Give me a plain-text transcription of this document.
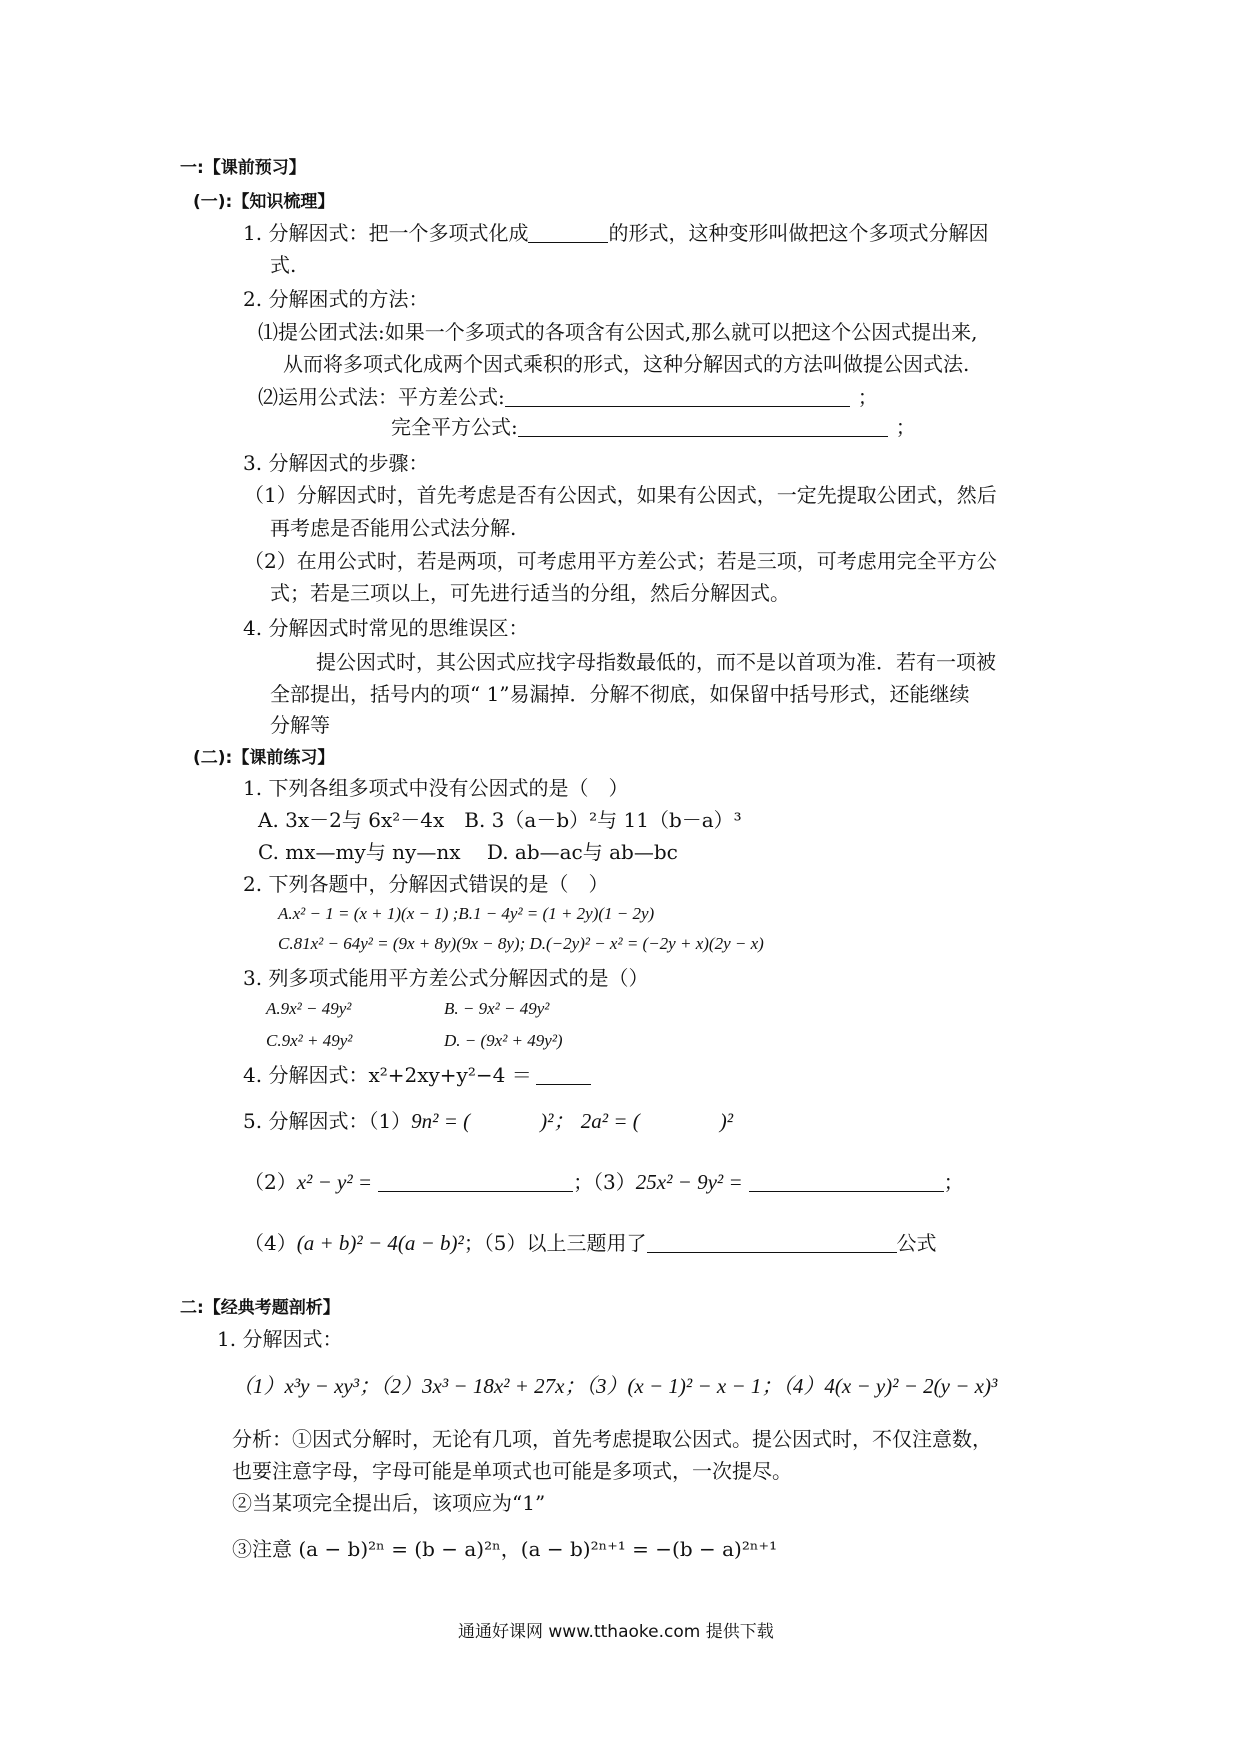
一:【课前预习】
(一):【知识梳理】
1. 分解因式：把一个多项式化成	的形式，这种变形叫做把这个多项式分解因
式.
2. 分解困式的方法：
⑴提公团式法:如果一个多项式的各项含有公因式,那么就可以把这个公因式提出来,
从而将多项式化成两个因式乘积的形式，这种分解因式的方法叫做提公因式法.
⑵运用公式法：平方差公式:	；
完全平方公式:	；
3. 分解因式的步骤：
（1）分解因式时，首先考虑是否有公因式，如果有公因式，一定先提取公团式，然后
再考虑是否能用公式法分解.
（2）在用公式时，若是两项，可考虑用平方差公式；若是三项，可考虑用完全平方公
式；若是三项以上，可先进行适当的分组，然后分解因式。
4. 分解因式时常见的思维误区：
提公因式时，其公因式应找字母指数最低的，而不是以首项为准．若有一项被
全部提出，括号内的项“ 1”易漏掉．分解不彻底，如保留中括号形式，还能继续
分解等
(二):【课前练习】
1. 下列各组多项式中没有公因式的是（　）
A. 3x－2与 6x²－4x　B. 3（a－b）²与 11（b－a）³
C. mx—my与 ny—nx　 D. ab—ac与 ab—bc
2. 下列各题中，分解因式错误的是（　）
A.x² − 1 = (x + 1)(x − 1) ;B.1 − 4y² = (1 + 2y)(1 − 2y)
C.81x² − 64y² = (9x + 8y)(9x − 8y); D.(−2y)² − x² = (−2y + x)(2y − x)
3. 列多项式能用平方差公式分解因式的是（）
A.9x² − 49y²	B. − 9x² − 49y²
C.9x² + 49y²	D. − (9x² + 49y²)
4. 分解因式：x²+2xy+y²−4 ＝
5. 分解因式：（1）9n² = (	)²； 2a² = (	)²
（2）x² − y² =	；（3）25x² − 9y² =	；
（4）(a + b)² − 4(a − b)²；（5）以上三题用了	公式
二:【经典考题剖析】
1. 分解因式：
（1）x³y − xy³；（2）3x³ − 18x² + 27x；（3）(x − 1)² − x − 1；（4）4(x − y)² − 2(y − x)³
分析：①因式分解时，无论有几项，首先考虑提取公因式。提公因式时，不仅注意数，
也要注意字母，字母可能是单项式也可能是多项式，一次提尽。
②当某项完全提出后，该项应为“1”
③注意 (a − b)²ⁿ = (b − a)²ⁿ，(a − b)²ⁿ⁺¹ = −(b − a)²ⁿ⁺¹
通通好课网 www.tthaoke.com 提供下载
